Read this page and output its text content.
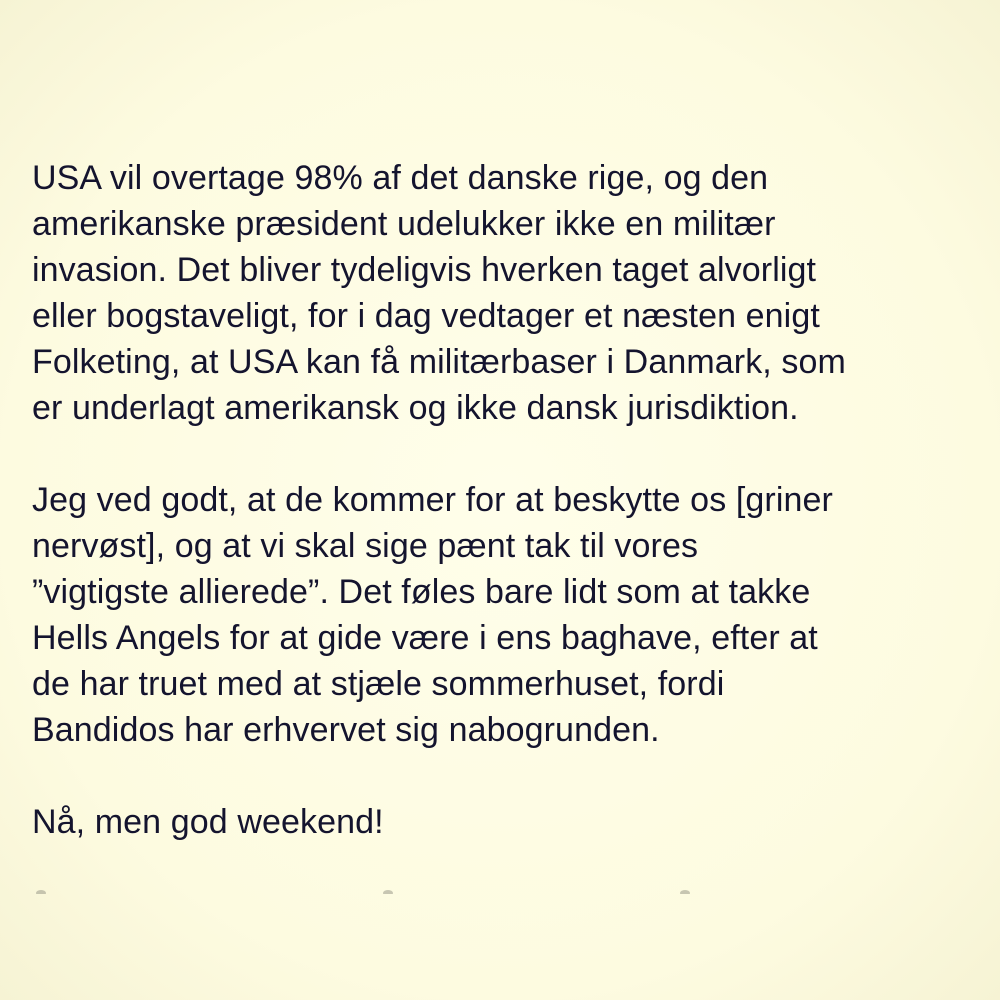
USA vil overtage 98% af det danske rige, og den
amerikanske præsident udelukker ikke en militær
invasion. Det bliver tydeligvis hverken taget alvorligt
eller bogstaveligt, for i dag vedtager et næsten enigt
Folketing, at USA kan få militærbaser i Danmark, som
er underlagt amerikansk og ikke dansk jurisdiktion.
Jeg ved godt, at de kommer for at beskytte os [griner
nervøst], og at vi skal sige pænt tak til vores
”vigtigste allierede”. Det føles bare lidt som at takke
Hells Angels for at gide være i ens baghave, efter at
de har truet med at stjæle sommerhuset, fordi
Bandidos har erhvervet sig nabogrunden.
Nå, men god weekend!
